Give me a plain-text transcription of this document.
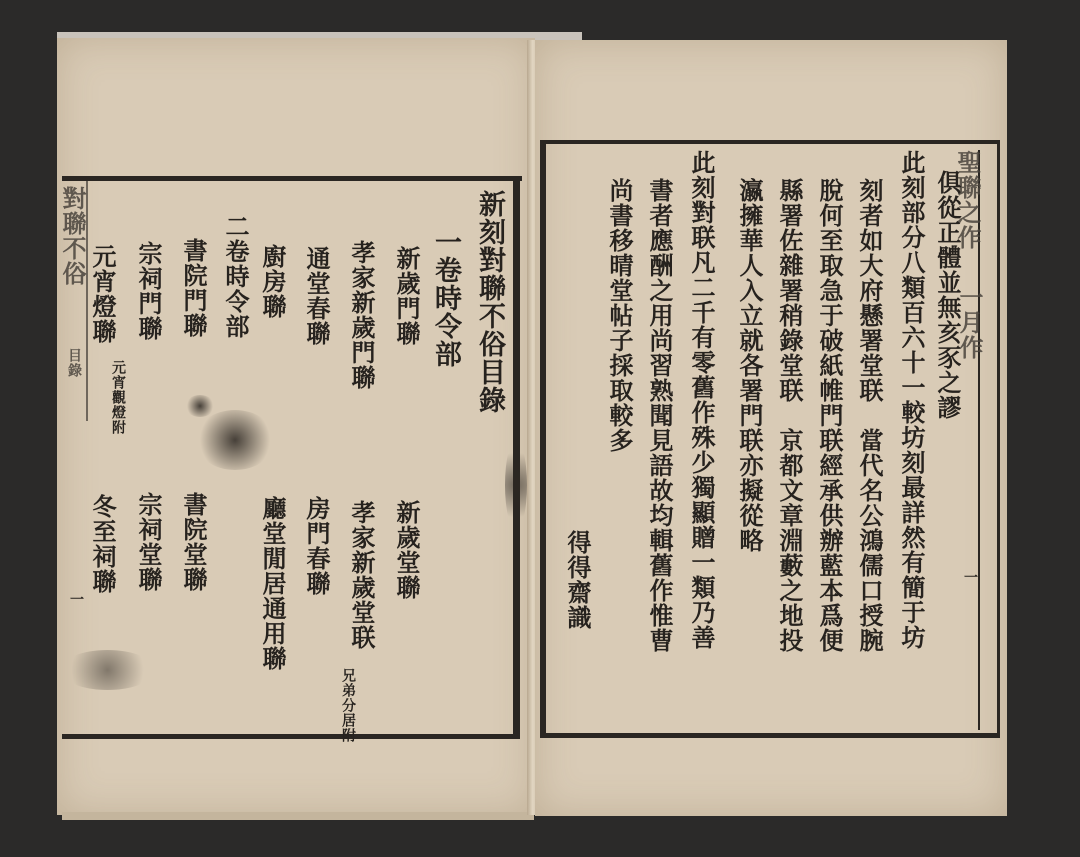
新刻對聯不俗目錄
一卷時令部
新歲門聯
孝家新歲門聯
通堂春聯
廚房聯
二卷時令部
書院門聯
宗祠門聯
元宵燈聯
元宵觀燈附
新歲堂聯
孝家新歲堂联
兄弟分居附
房門春聯
廳堂閒居通用聯
書院堂聯
宗祠堂聯
冬至祠聯
對聯不俗
目錄
一
聖聯之作
一月作
一
此刻部分八類百六十一較坊刻最詳然有簡于坊 俱從正體並無亥豕之謬
刻者如大府懸署堂联　當代名公鴻儒口授腕
脫何至取急于破紙帷門联經承供辦藍本爲便
縣署佐雜署稍錄堂联　京都文章淵藪之地投
瀛擁華人入立就各署門联亦擬從略
此刻對联凡二千有零舊作殊少獨顯贈一類乃善
書者應酬之用尚習熟聞見語故均輯舊作惟曹
尚書移晴堂帖子採取較多
得得齋識
